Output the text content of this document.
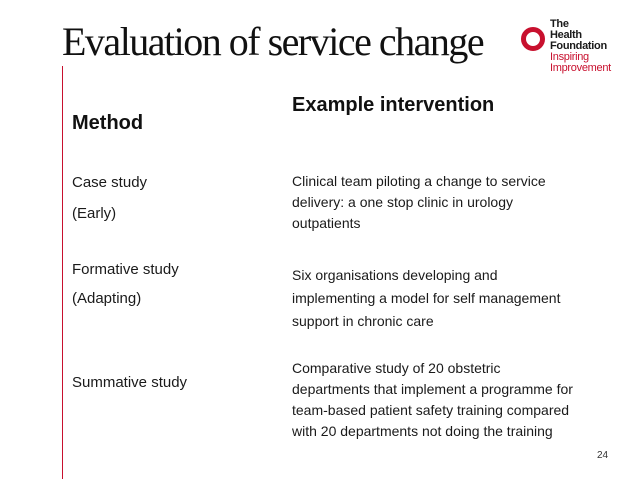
Evaluation of service change	The
Health
Foundation
Inspiring
Improvement
Method
Example intervention
Case study
(Early)
Clinical team piloting a change to service
delivery: a one stop clinic in urology
outpatients
Formative study
(Adapting)
Six organisations developing and
implementing a model for self management
support in chronic care
Summative study
Comparative study of 20 obstetric
departments that implement a programme for
team-based patient safety training compared
with 20 departments not doing the training
24
